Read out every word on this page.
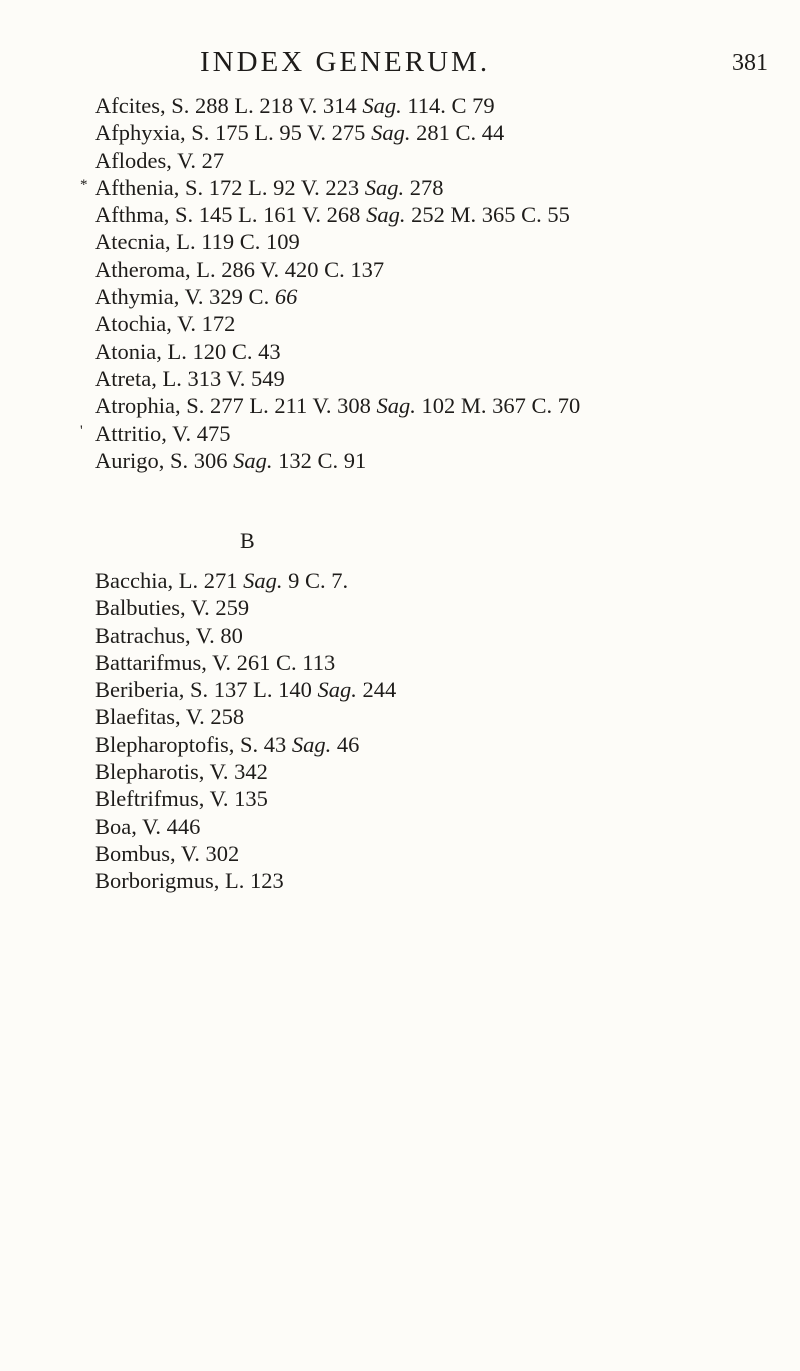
INDEX GENERUM.	381
Afcites, S. 288 L. 218 V. 314 Sag. 114. C 79
Afphyxia, S. 175 L. 95 V. 275 Sag. 281 C. 44
Aflodes, V. 27
* Afthenia, S. 172 L. 92 V. 223 Sag. 278
Afthma, S. 145 L. 161 V. 268 Sag. 252 M. 365 C. 55
Atecnia, L. 119 C. 109
Atheroma, L. 286 V. 420 C. 137
Athymia, V. 329 C. 66
Atochia, V. 172
Atonia, L. 120 C. 43
Atreta, L. 313 V. 549
Atrophia, S. 277 L. 211 V. 308 Sag. 102 M. 367 C. 70
' Attritio, V. 475
Aurigo, S. 306 Sag. 132 C. 91
B
Bacchia, L. 271 Sag. 9 C. 7.
Balbuties, V. 259
Batrachus, V. 80
Battarifmus, V. 261 C. 113
Beriberia, S. 137 L. 140 Sag. 244
Blaefitas, V. 258
Blepharoptofis, S. 43 Sag. 46
Blepharotis, V. 342
Bleftrifmus, V. 135
Boa, V. 446
Bombus, V. 302
Borborigmus, L. 123
